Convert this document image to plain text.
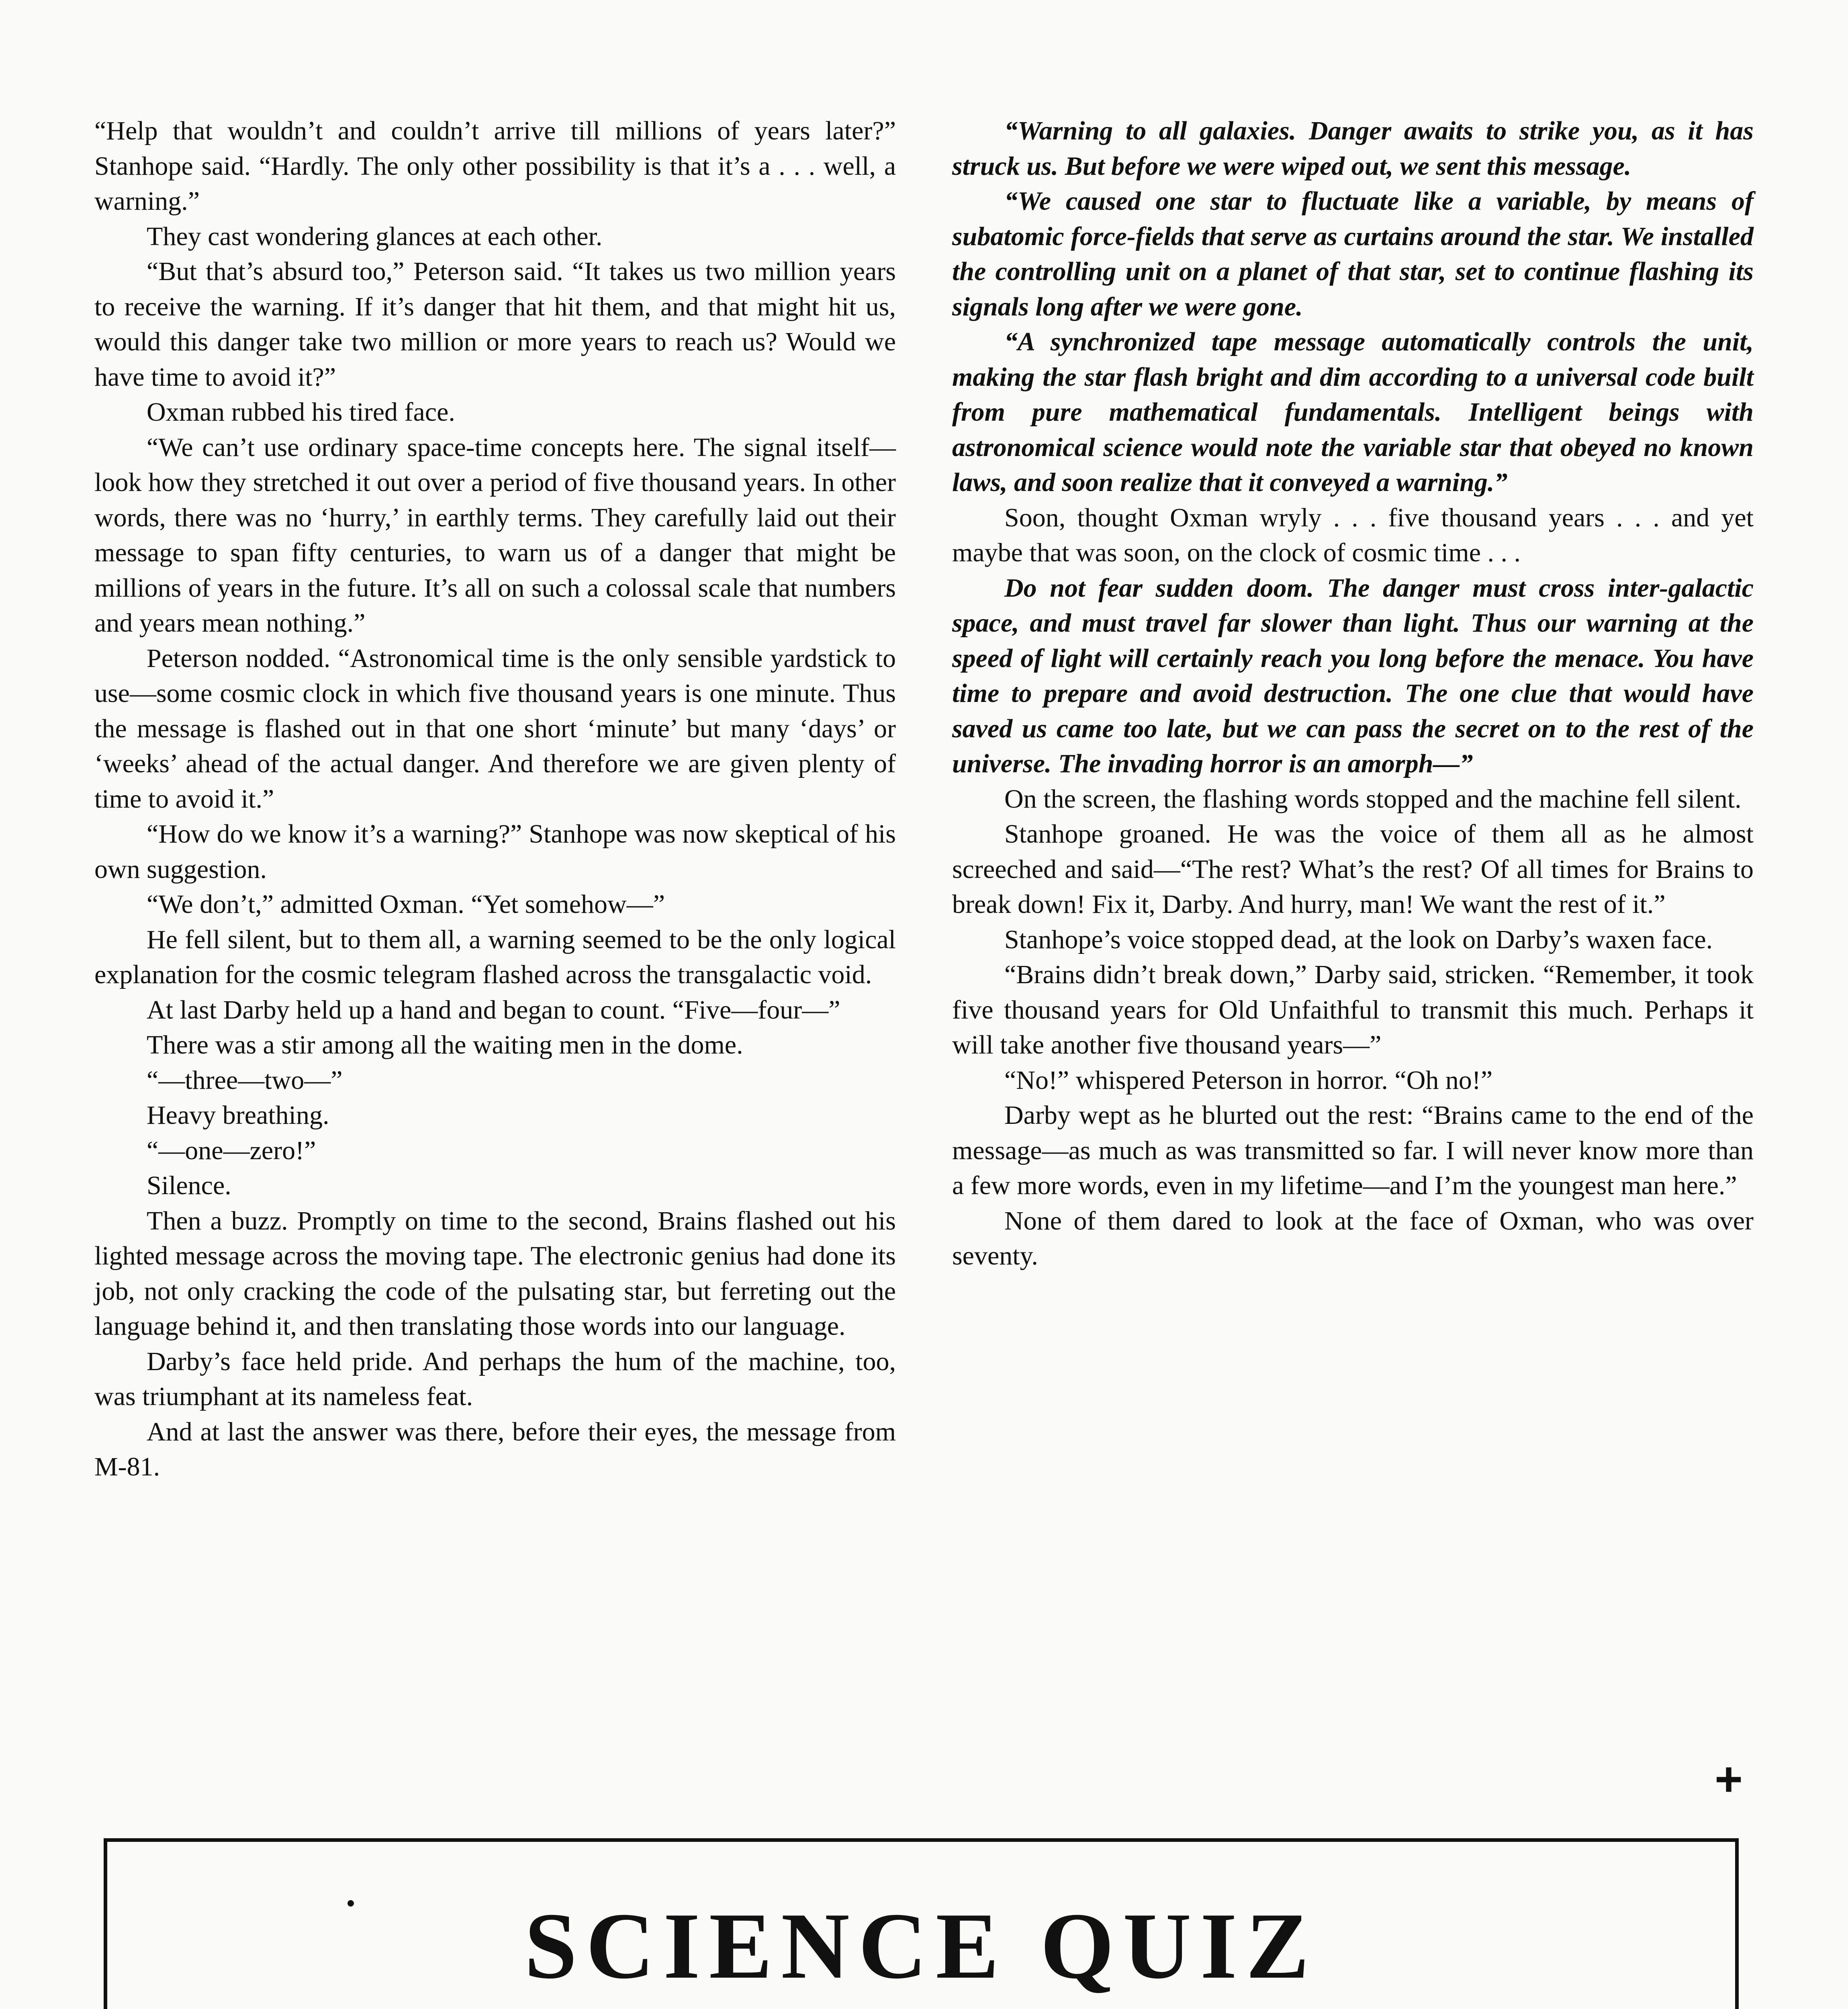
“Help that wouldn’t and couldn’t arrive till millions of years later?” Stanhope said. “Hardly. The only other possibility is that it’s a . . . well, a warning.”

They cast wondering glances at each other.

“But that’s absurd too,” Peterson said. “It takes us two million years to receive the warning. If it’s danger that hit them, and that might hit us, would this danger take two million or more years to reach us? Would we have time to avoid it?”

Oxman rubbed his tired face.

“We can’t use ordinary space-time concepts here. The signal itself—look how they stretched it out over a period of five thousand years. In other words, there was no ‘hurry,’ in earthly terms. They carefully laid out their message to span fifty centuries, to warn us of a danger that might be millions of years in the future. It’s all on such a colossal scale that numbers and years mean nothing.”

Peterson nodded. “Astronomical time is the only sensible yardstick to use—some cosmic clock in which five thousand years is one minute. Thus the message is flashed out in that one short ‘minute’ but many ‘days’ or ‘weeks’ ahead of the actual danger. And therefore we are given plenty of time to avoid it.”

“How do we know it’s a warning?” Stanhope was now skeptical of his own suggestion.

“We don’t,” admitted Oxman. “Yet somehow—”

He fell silent, but to them all, a warning seemed to be the only logical explanation for the cosmic telegram flashed across the transgalactic void.

At last Darby held up a hand and began to count. “Five—four—”

There was a stir among all the waiting men in the dome.

“—three—two—”

Heavy breathing.

“—one—zero!”

Silence.

Then a buzz. Promptly on time to the second, Brains flashed out his lighted message across the moving tape. The electronic genius had done its job, not only cracking the code of the pulsating star, but ferreting out the language behind it, and then translating those words into our language.

Darby’s face held pride. And perhaps the hum of the machine, too, was triumphant at its nameless feat.

And at last the answer was there, before their eyes, the message from M-81.

“Warning to all galaxies. Danger awaits to strike you, as it has struck us. But before we were wiped out, we sent this message.

“We caused one star to fluctuate like a variable, by means of subatomic force-fields that serve as curtains around the star. We installed the controlling unit on a planet of that star, set to continue flashing its signals long after we were gone.

“A synchronized tape message automatically controls the unit, making the star flash bright and dim according to a universal code built from pure mathematical fundamentals. Intelligent beings with astronomical science would note the variable star that obeyed no known laws, and soon realize that it conveyed a warning.”

Soon, thought Oxman wryly . . . five thousand years . . . and yet maybe that was soon, on the clock of cosmic time . . .

Do not fear sudden doom. The danger must cross inter-galactic space, and must travel far slower than light. Thus our warning at the speed of light will certainly reach you long before the menace. You have time to prepare and avoid destruction. The one clue that would have saved us came too late, but we can pass the secret on to the rest of the universe. The invading horror is an amorph—”

On the screen, the flashing words stopped and the machine fell silent.

Stanhope groaned. He was the voice of them all as he almost screeched and said—“The rest? What’s the rest? Of all times for Brains to break down! Fix it, Darby. And hurry, man! We want the rest of it.”

Stanhope’s voice stopped dead, at the look on Darby’s waxen face.

“Brains didn’t break down,” Darby said, stricken. “Remember, it took five thousand years for Old Unfaithful to transmit this much. Perhaps it will take another five thousand years—”

“No!” whispered Peterson in horror. “Oh no!”

Darby wept as he blurted out the rest: “Brains came to the end of the message—as much as was transmitted so far. I will never know more than a few more words, even in my lifetime—and I’m the youngest man here.”

None of them dared to look at the face of Oxman, who was over seventy.

+
SCIENCE QUIZ
